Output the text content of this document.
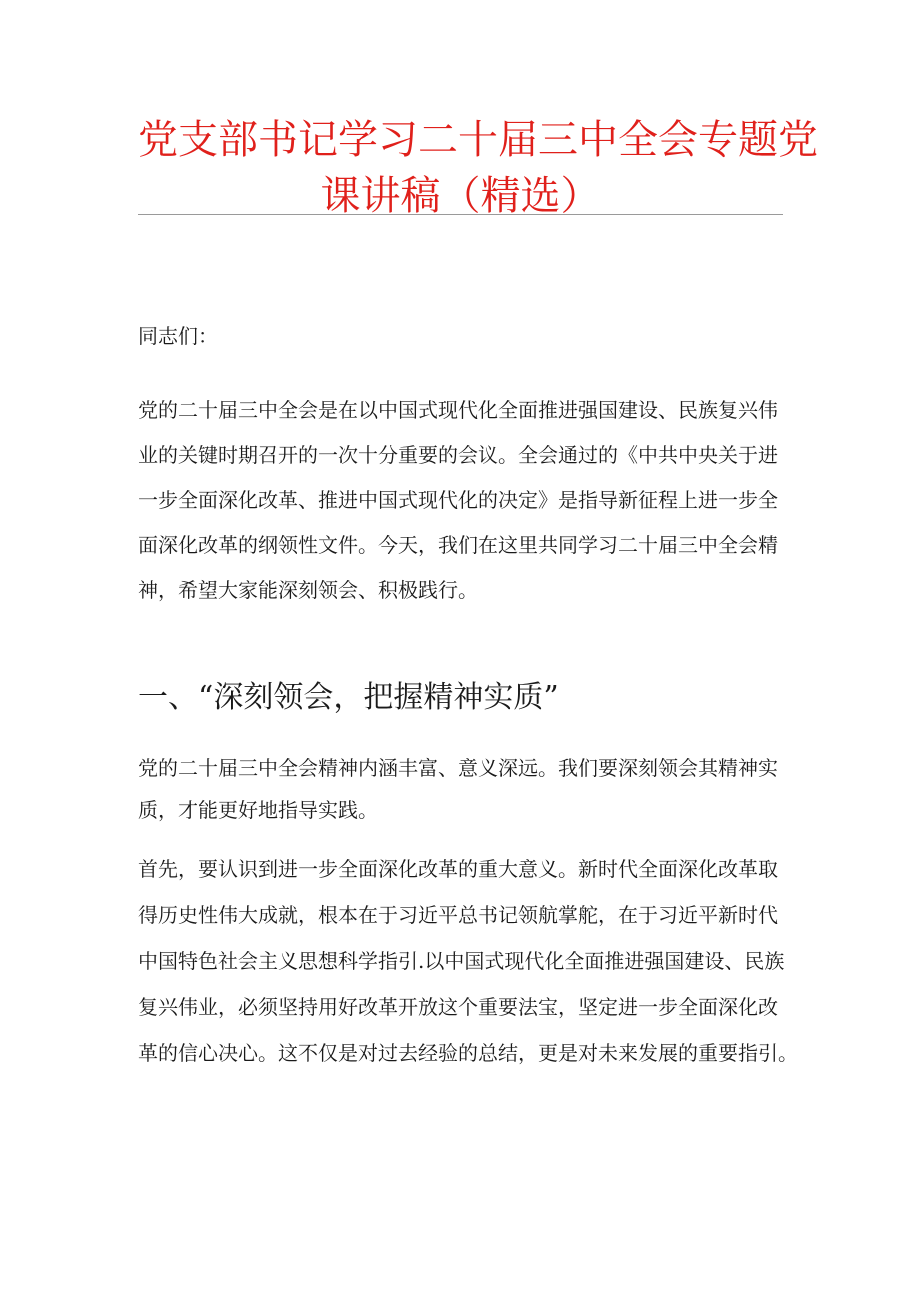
党支部书记学习二十届三中全会专题党
课讲稿（精选）
同志们：
党的二十届三中全会是在以中国式现代化全面推进强国建设、民族复兴伟
业的关键时期召开的一次十分重要的会议。全会通过的《中共中央关于进
一步全面深化改革、推进中国式现代化的决定》是指导新征程上进一步全
面深化改革的纲领性文件。今天，我们在这里共同学习二十届三中全会精
神，希望大家能深刻领会、积极践行。
一、“深刻领会，把握精神实质”
党的二十届三中全会精神内涵丰富、意义深远。我们要深刻领会其精神实
质，才能更好地指导实践。
首先，要认识到进一步全面深化改革的重大意义。新时代全面深化改革取
得历史性伟大成就，根本在于习近平总书记领航掌舵，在于习近平新时代
中国特色社会主义思想科学指引.以中国式现代化全面推进强国建设、民族
复兴伟业，必须坚持用好改革开放这个重要法宝，坚定进一步全面深化改
革的信心决心。这不仅是对过去经验的总结，更是对未来发展的重要指引。
